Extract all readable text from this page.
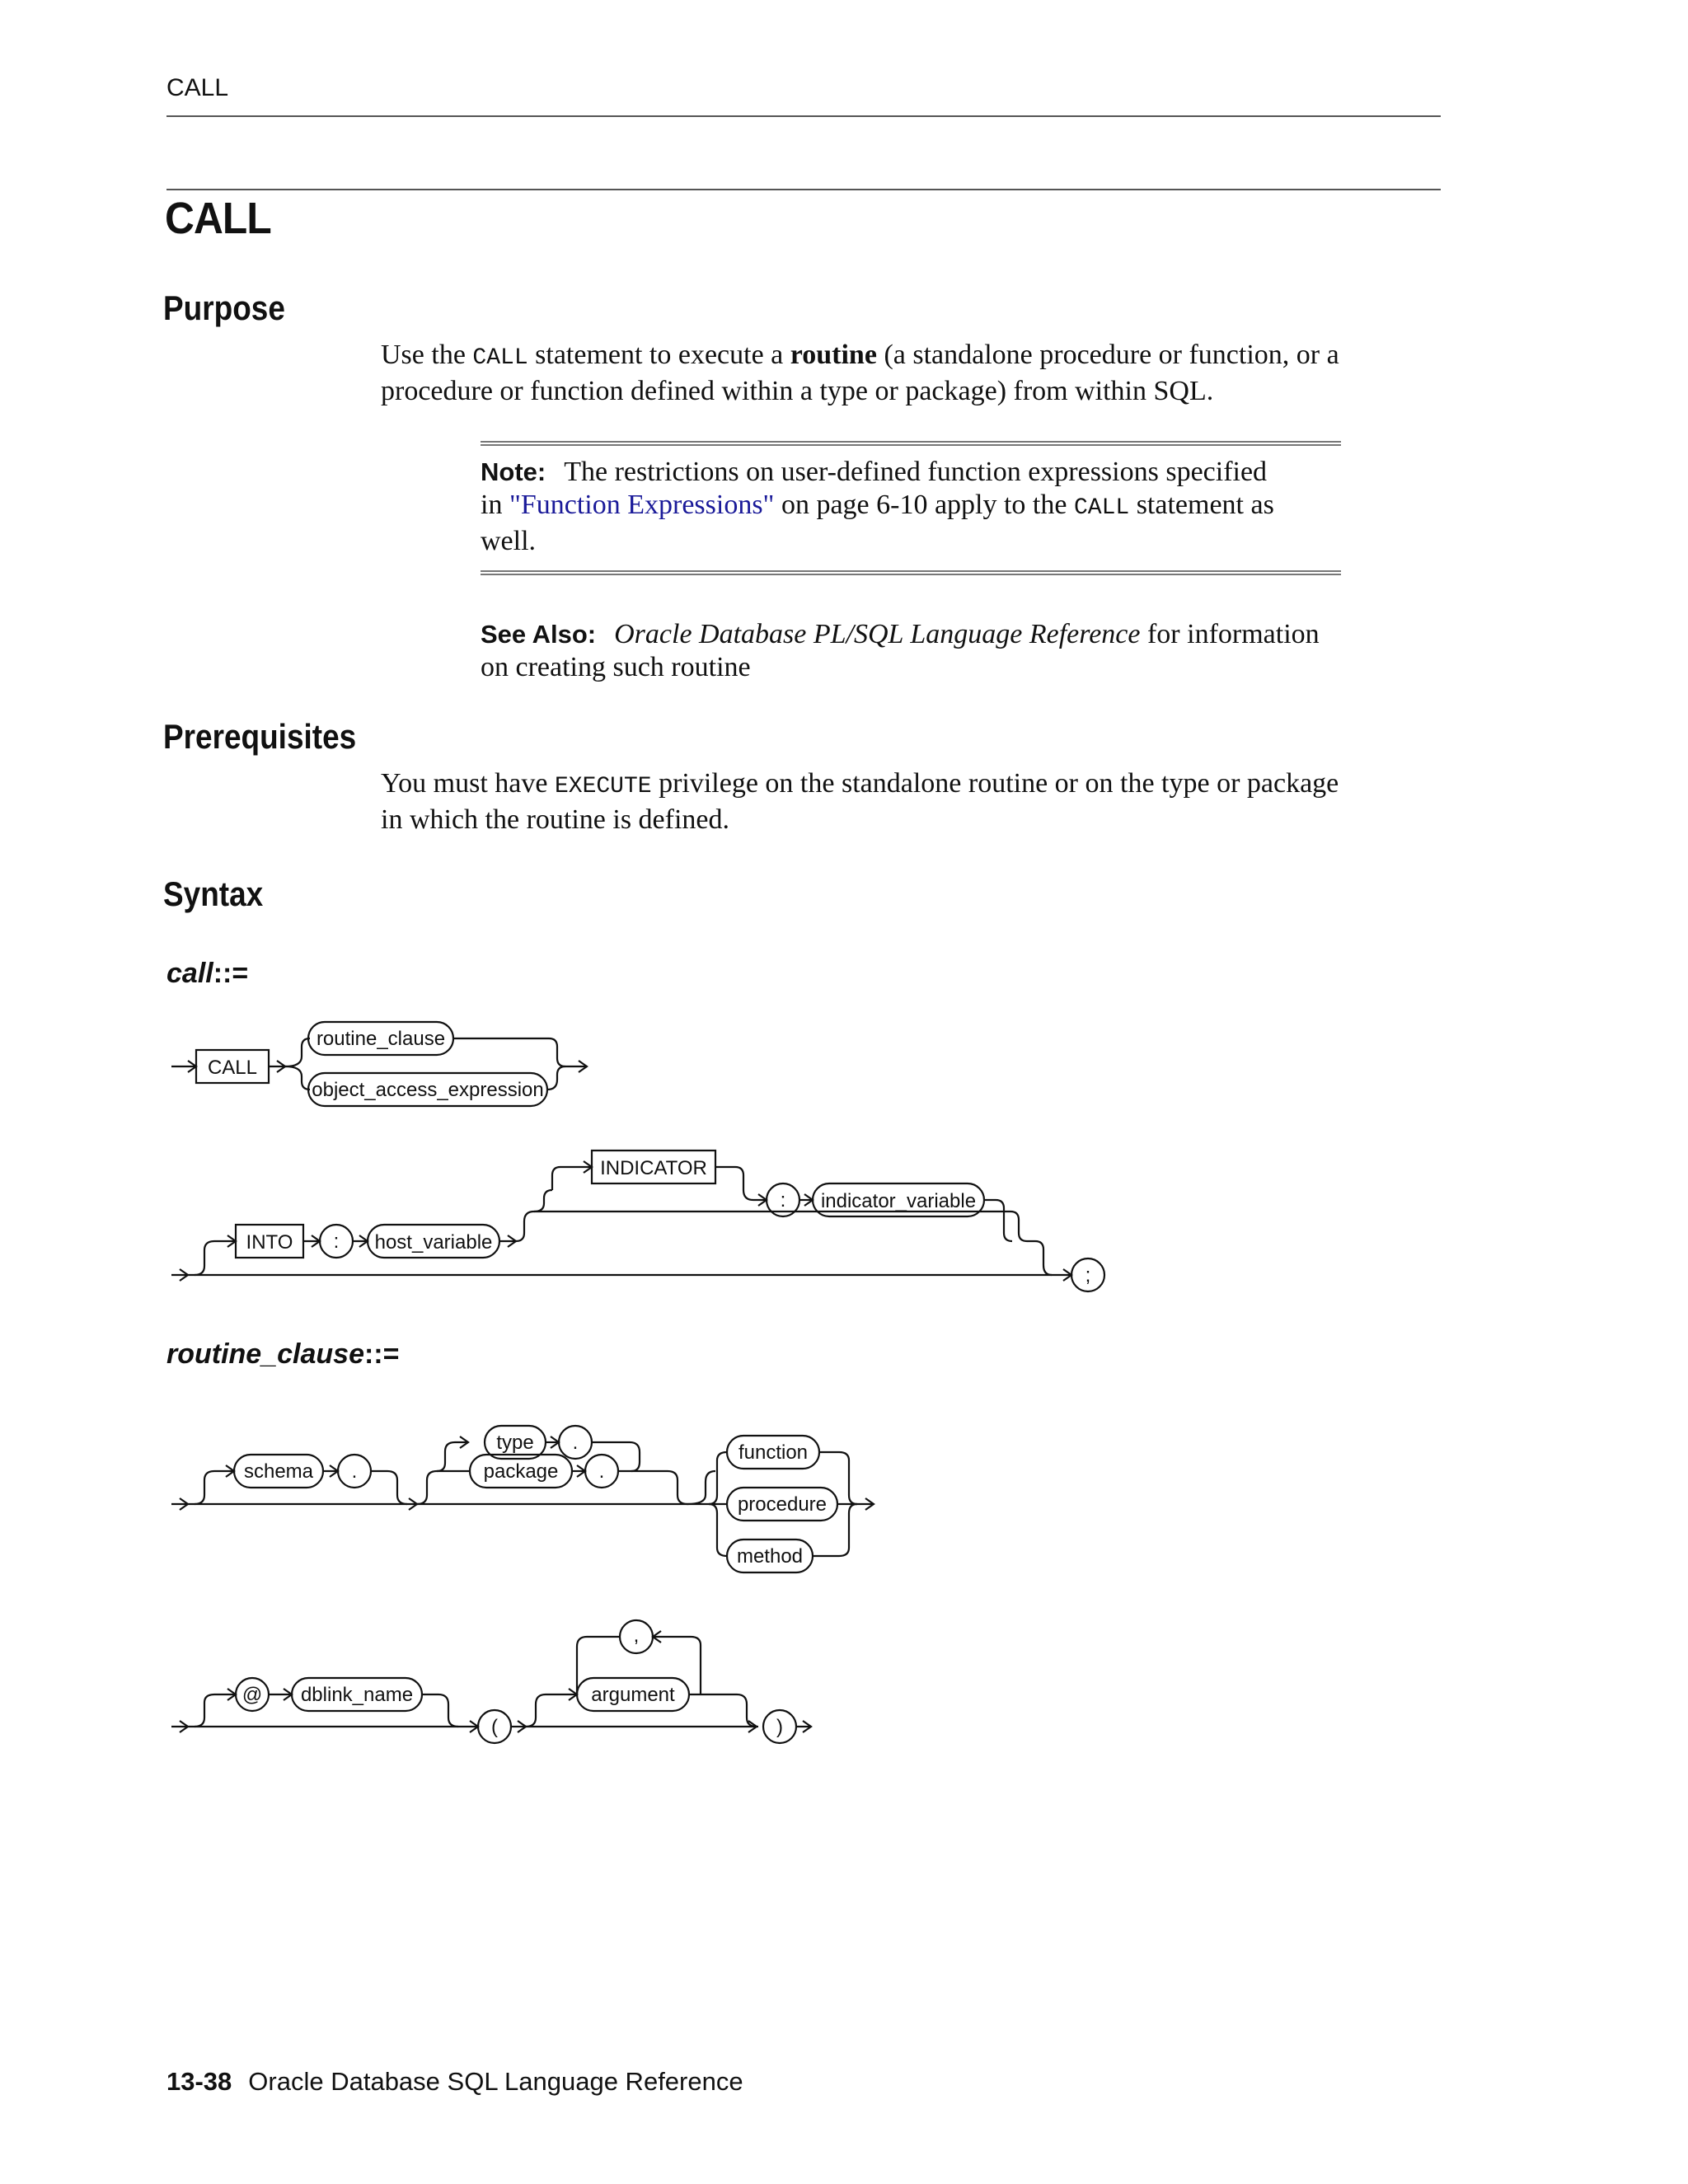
CALL
CALL
Purpose
Use the CALL statement to execute a routine (a standalone procedure or function, or a
procedure or function defined within a type or package) from within SQL.
Note: The restrictions on user-defined function expressions specified
in "Function Expressions" on page 6-10 apply to the CALL statement as
well.
See Also: Oracle Database PL/SQL Language Reference for information
on creating such routine
Prerequisites
You must have EXECUTE privilege on the standalone routine or on the type or package
in which the routine is defined.
Syntax
call::=
CALL
routine_clause
object_access_expression
INTO : host_variable
INDICATOR
: indicator_variable
;
routine_clause::=
schema .
type .
package .
function
procedure
method
@ dblink_name
(
,
argument
)
13-38 Oracle Database SQL Language Reference
